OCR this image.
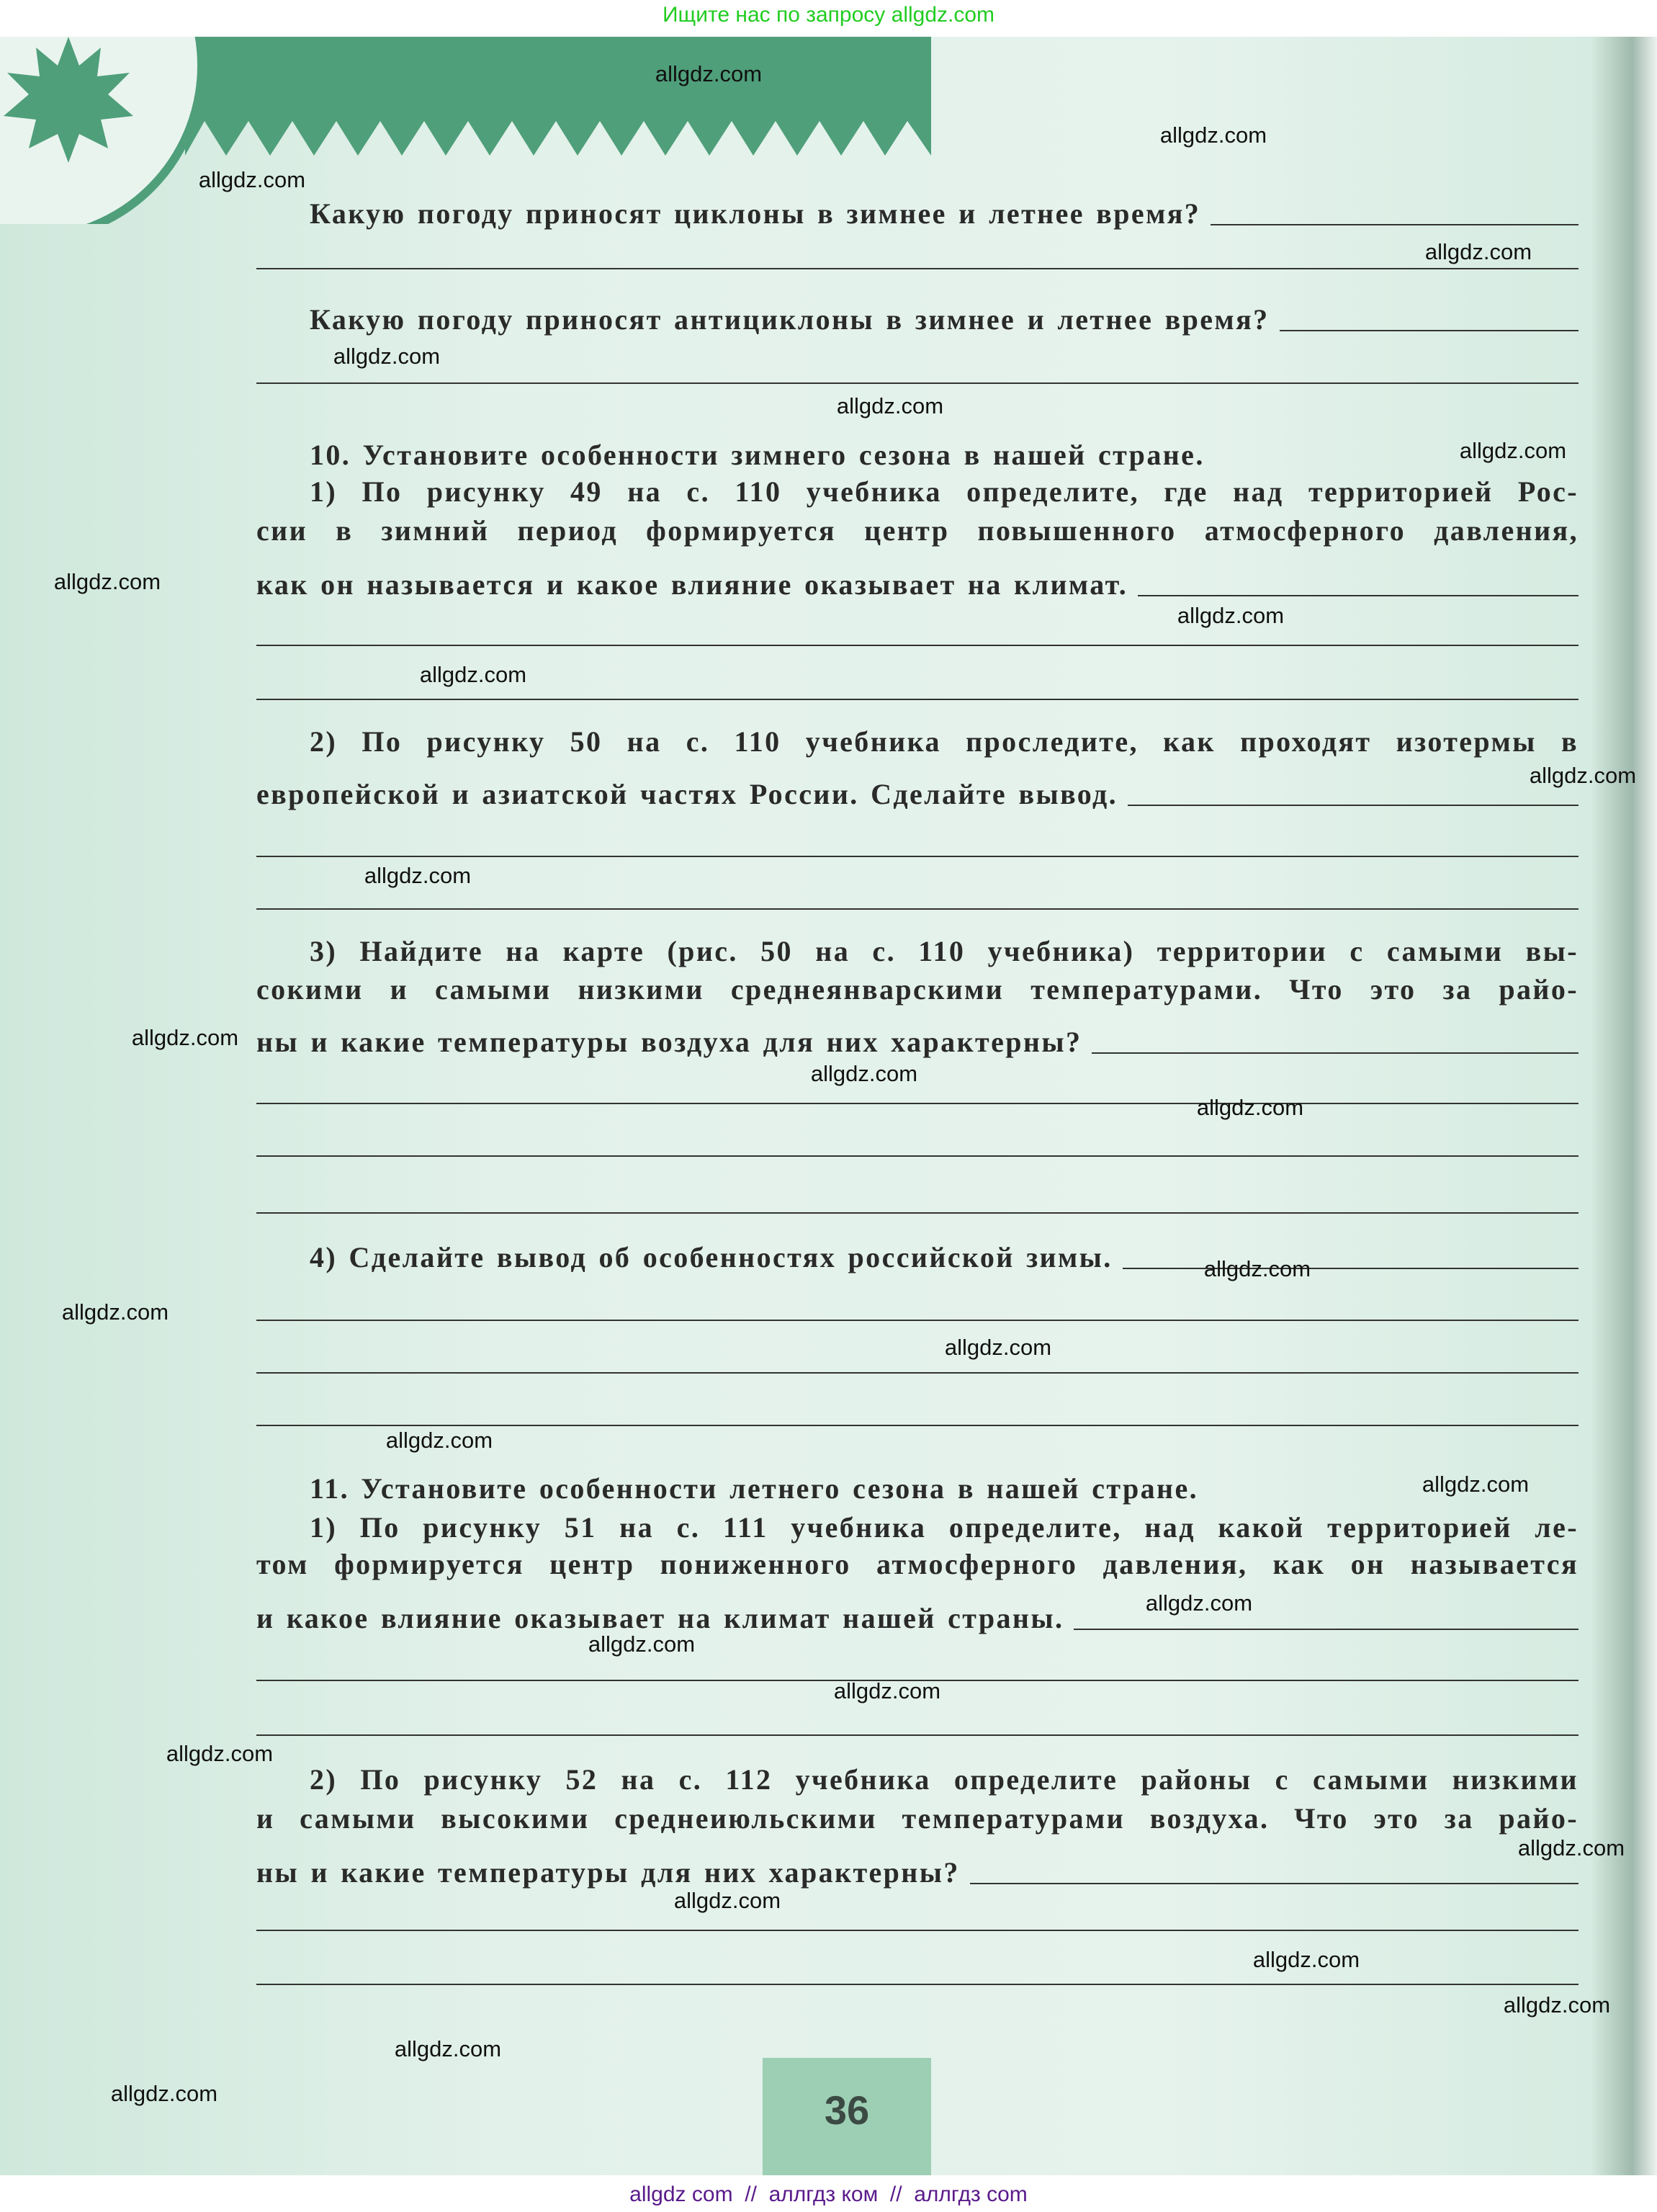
Ищите нас по запросу allgdz.com
Какую погоду приносят циклоны в зимнее и летнее время?
Какую погоду приносят антициклоны в зимнее и летнее время?
10. Установите особенности зимнего сезона в нашей стране.
1) По рисунку 49 на с. 110 учебника определите, где над территорией Рос-
сии в зимний период формируется центр повышенного атмосферного давления,
как он называется и какое влияние оказывает на климат.
2) По рисунку 50 на с. 110 учебника проследите, как проходят изотермы в
европейской и азиатской частях России. Сделайте вывод.
3) Найдите на карте (рис. 50 на с. 110 учебника) территории с самыми вы-
сокими и самыми низкими среднеянварскими температурами. Что это за райо-
ны и какие температуры воздуха для них характерны?
4) Сделайте вывод об особенностях российской зимы.
11. Установите особенности летнего сезона в нашей стране.
1) По рисунку 51 на с. 111 учебника определите, над какой территорией ле-
том формируется центр пониженного атмосферного давления, как он называется
и какое влияние оказывает на климат нашей страны.
2) По рисунку 52 на с. 112 учебника определите районы с самыми низкими
и самыми высокими среднеиюльскими температурами воздуха. Что это за райо-
ны и какие температуры для них характерны?
36
allgdz.com
allgdz.com
allgdz.com
allgdz.com
allgdz.com
allgdz.com
allgdz.com
allgdz.com
allgdz.com
allgdz.com
allgdz.com
allgdz.com
allgdz.com
allgdz.com
allgdz.com
allgdz.com
allgdz.com
allgdz.com
allgdz.com
allgdz.com
allgdz.com
allgdz.com
allgdz.com
allgdz.com
allgdz.com
allgdz.com
allgdz.com
allgdz.com
allgdz.com
allgdz.com
allgdz com  //  аллгдз ком  //  аллгдз com
